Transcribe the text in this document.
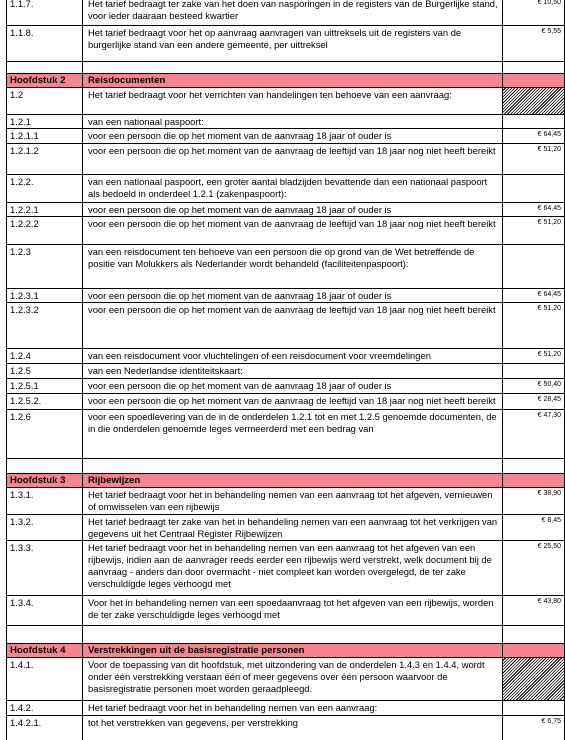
1.1.7.	Het tarief bedraagt ter zake van het doen van nasporingen in de registers van de Burgerlijke stand, voor ieder daaraan besteed kwartier
€ 10,50
1.1.8.	Het tarief bedraagt voor het op aanvraag aanvragen van uittreksels uit de registers van de burgerlijke stand van een andere gemeente, per uittreksel
€ 5,55
Hoofdstuk 2	Reisdocumenten
1.2	Het tarief bedraagt voor het verrichten van handelingen ten behoeve van een aanvraag:
1.2.1	van een nationaal paspoort:
1.2.1.1	voor een persoon die op het moment van de aanvraag 18 jaar of ouder is	€ 64,45
1.2.1.2	voor een persoon die op het moment van de aanvraag de leeftijd van 18 jaar nog niet heeft bereikt	€ 51,20
1.2.2.	van een nationaal paspoort, een groter aantal bladzijden bevattende dan een nationaal paspoort als bedoeld in onderdeel 1.2.1 (zakenpaspoort):
1.2.2.1	voor een persoon die op het moment van de aanvraag 18 jaar of ouder is	€ 64,45
1.2.2.2	voor een persoon die op het moment van de aanvraag de leeftijd van 18 jaar nog niet heeft bereikt	€ 51,20
1.2.3	van een reisdocument ten behoeve van een persoon die op grond van de Wet betreffende de positie van Molukkers als Nederlander wordt behandeld (faciliteitenpaspoort):
1.2.3.1	voor een persoon die op het moment van de aanvraag 18 jaar of ouder is	€ 64,45
1.2.3.2	voor een persoon die op het moment van de aanvraag de leeftijd van 18 jaar nog niet heeft bereikt	€ 51,20
1.2.4	van een reisdocument voor vluchtelingen of een reisdocument voor vreemdelingen	€ 51,20
1.2.5	van een Nederlandse identiteitskaart:
1.2.5.1	voor een persoon die op het moment van de aanvraag 18 jaar of ouder is	€ 50,40
1.2.5.2.	voor een persoon die op het moment van de aanvraag de leeftijd van 18 jaar nog niet heeft bereikt	€ 28,45
1.2.6	voor een spoedlevering van de in de onderdelen 1.2.1 tot en met 1.2.5 genoemde documenten, de in die onderdelen genoemde leges vermeerderd met een bedrag van
€ 47,30
Hoofdstuk 3	Rijbewijzen
1.3.1.	Het tarief bedraagt voor het in behandeling nemen van een aanvraag tot het afgeven, vernieuwen of omwisselen van een rijbewijs
€ 38,90
1.3.2.	Het tarief bedraagt ter zake van het in behandeling nemen van een aanvraag tot het verkrijgen van gegevens uit het Centraal Register Rijbewijzen
€ 8,45
1.3.3.	Het tarief bedraagt voor het in behandeling nemen van een aanvraag tot het afgeven van een rijbewijs, indien aan de aanvrager reeds eerder een rijbewijs werd verstrekt, welk document bij de aanvraag - anders dan door overmacht - niet compleet kan worden overgelegd, de ter zake verschuldigde leges verhoogd met
€ 25,50
1.3.4.	Voor het in behandeling nemen van een spoedaanvraag tot het afgeven van een rijbewijs, worden de ter zake verschuldigde leges verhoogd met
€ 43,80
Hoofdstuk 4	Verstrekkingen uit de basisregistratie personen
1.4.1.	Voor de toepassing van dit hoofdstuk, met uitzondering van de onderdelen 1.4.3 en 1.4.4, wordt onder één verstrekking verstaan één of meer gegevens over één persoon waarvoor de basisregistratie personen moet worden geraadpleegd.
1.4.2.	Het tarief bedraagt voor het in behandeling nemen van een aanvraag:
1.4.2.1.	tot het verstrekken van gegevens, per verstrekking	€ 6,75
